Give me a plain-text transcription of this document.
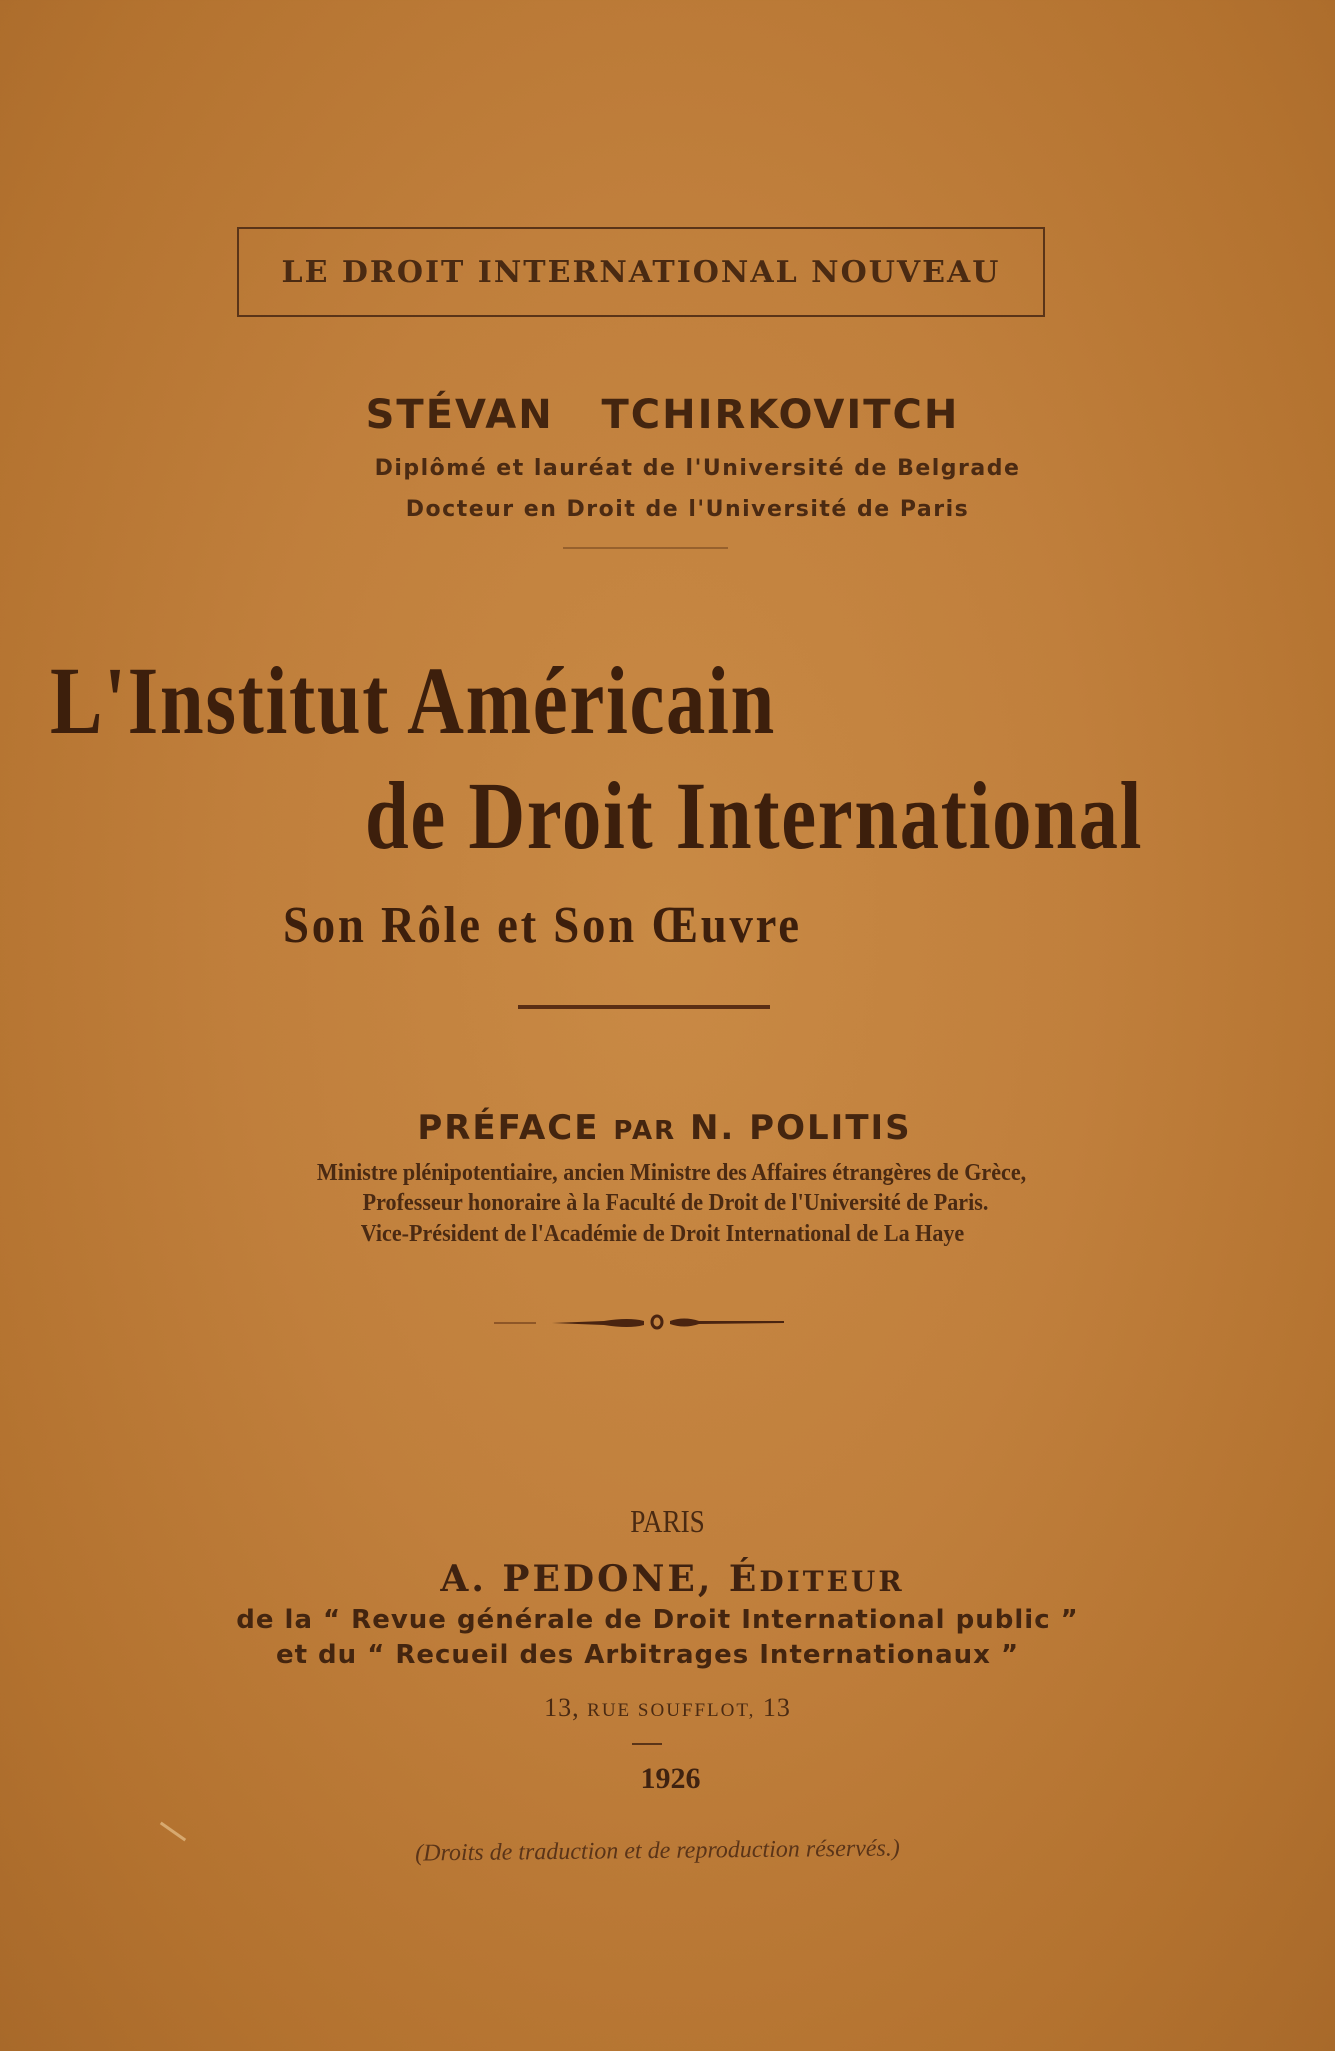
LE DROIT INTERNATIONAL NOUVEAU
STÉVAN TCHIRKOVITCH
Diplômé et lauréat de l'Université de Belgrade
Docteur en Droit de l'Université de Paris
L'Institut Américain
de Droit International
Son Rôle et Son Œuvre
PRÉFACE PAR N. POLITIS
Ministre plénipotentiaire, ancien Ministre des Affaires étrangères de Grèce,
Professeur honoraire à la Faculté de Droit de l'Université de Paris.
Vice-Président de l'Académie de Droit International de La Haye
PARIS
A. PEDONE, ÉDITEUR
de la “ Revue générale de Droit International public ”
et du “ Recueil des Arbitrages Internationaux ”
13, RUE SOUFFLOT, 13
1926
(Droits de traduction et de reproduction réservés.)
